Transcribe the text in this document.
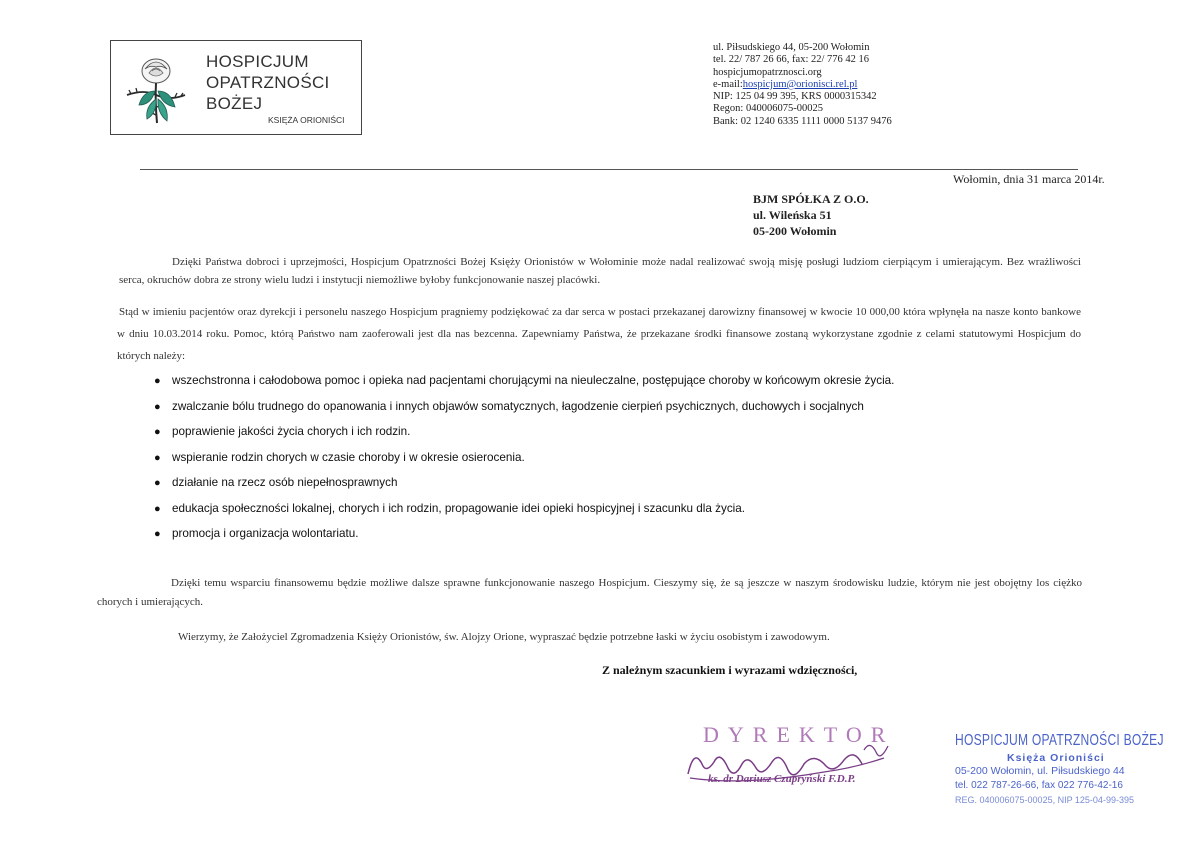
HOSPICJUM
OPATRZNOŚCI
BOŻEJ
KSIĘŻA ORIONIŚCI
ul. Piłsudskiego 44, 05-200 Wołomin
tel. 22/ 787 26 66, fax: 22/ 776 42 16
hospicjumopatrznosci.org
e-mail:hospicjum@orionisci.rel.pl
NIP: 125 04 99 395, KRS 0000315342
Regon: 040006075-00025
Bank: 02 1240 6335 1111 0000 5137 9476
Wołomin, dnia 31 marca 2014r.
BJM SPÓŁKA Z O.O.
ul. Wileńska 51
05-200 Wołomin
Dzięki Państwa dobroci i uprzejmości, Hospicjum Opatrzności Bożej Księży Orionistów w Wołominie może nadal realizować swoją misję posługi ludziom cierpiącym i umierającym. Bez wrażliwości serca, okruchów dobra ze strony wielu ludzi i instytucji niemożliwe byłoby funkcjonowanie naszej placówki.
Stąd w imieniu pacjentów oraz dyrekcji i personelu naszego Hospicjum pragniemy podziękować za dar serca w postaci przekazanej darowizny finansowej w kwocie 10 000,00 która wpłynęła na nasze konto bankowe w dniu 10.03.2014 roku. Pomoc, którą Państwo nam zaoferowali jest dla nas bezcenna. Zapewniamy Państwa, że przekazane środki finansowe zostaną wykorzystane zgodnie z celami statutowymi Hospicjum do których należy:
● wszechstronna i całodobowa pomoc i opieka nad pacjentami chorującymi na nieuleczalne, postępujące choroby w końcowym okresie życia.
● zwalczanie bólu trudnego do opanowania i innych objawów somatycznych, łagodzenie cierpień psychicznych, duchowych i socjalnych
● poprawienie jakości życia chorych i ich rodzin.
● wspieranie rodzin chorych w czasie choroby i w okresie osierocenia.
● działanie na rzecz osób niepełnosprawnych
● edukacja społeczności lokalnej, chorych i ich rodzin, propagowanie idei opieki hospicyjnej i szacunku dla życia.
● promocja i organizacja wolontariatu.
Dzięki temu wsparciu finansowemu będzie możliwe dalsze sprawne funkcjonowanie naszego Hospicjum. Cieszymy się, że są jeszcze w naszym środowisku ludzie, którym nie jest obojętny los ciężko chorych i umierających.
Wierzymy, że Założyciel Zgromadzenia Księży Orionistów, św. Alojzy Orione, wypraszać będzie potrzebne łaski w życiu osobistym i zawodowym.
Z należnym szacunkiem i wyrazami wdzięczności,
DYREKTOR
ks. dr Dariusz Czupryński F.D.P.
HOSPICJUM OPATRZNOŚCI BOŻEJ
Księża Orioniści
05-200 Wołomin, ul. Piłsudskiego 44
tel. 022 787-26-66, fax 022 776-42-16
REG. 040006075-00025, NIP 125-04-99-395
